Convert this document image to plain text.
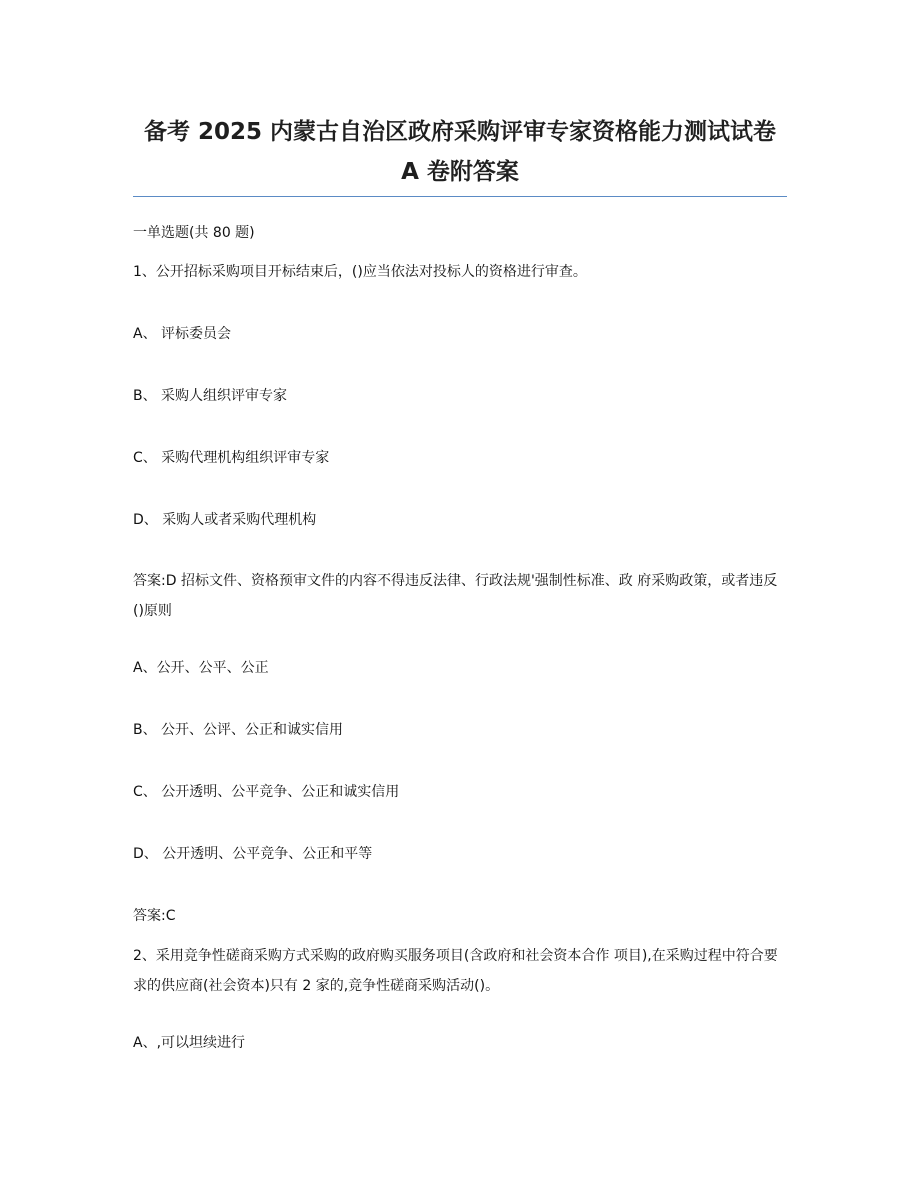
备考 2025 内蒙古自治区政府采购评审专家资格能力测试试卷 A 卷附答案

一单选题(共 80 题)

1、公开招标采购项目开标结束后，()应当依法对投标人的资格进行审查。

A、 评标委员会

B、 采购人组织评审专家

C、 采购代理机构组织评审专家

D、 采购人或者采购代理机构

答案:D 招标文件、资格预审文件的内容不得违反法律、行政法规'强制性标准、政 府采购政策，或者违反()原则

A、公开、公平、公正

B、 公开、公评、公正和诚实信用

C、 公开透明、公平竞争、公正和诚实信用

D、 公开透明、公平竞争、公正和平等

答案:C

2、采用竞争性磋商采购方式采购的政府购买服务项目(含政府和社会资本合作 项目),在采购过程中符合要求的供应商(社会资本)只有 2 家的,竞争性磋商采购活动()。

A、,可以坦续进行
